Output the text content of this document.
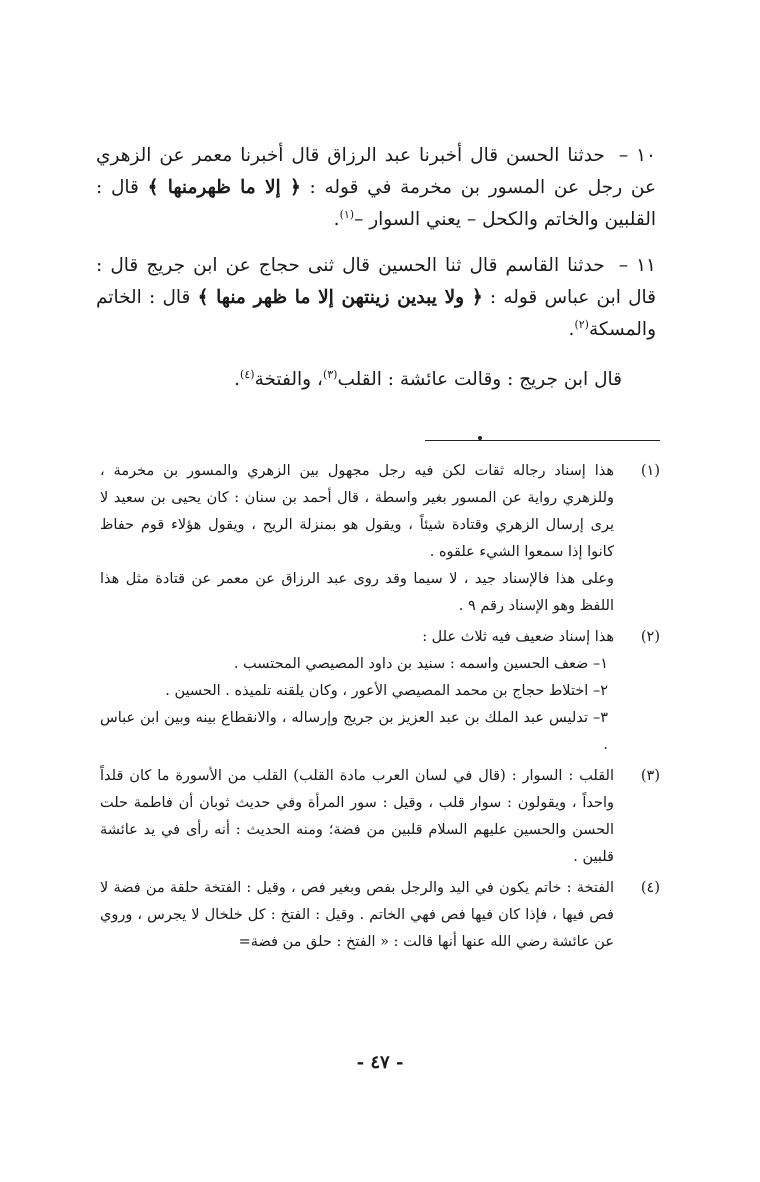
١٠ – حدثنا الحسن قال أخبرنا عبد الرزاق قال أخبرنا معمر عن الزهري عن رجل عن المسور بن مخرمة في قوله : ﴿ إلا ما ظهرمنها ﴾ قال : القلبين والخاتم والكحل – يعني السوار –$^{(١)}$.

١١ – حدثنا القاسم قال ثنا الحسين قال ثنى حجاج عن ابن جريج قال : قال ابن عباس قوله : ﴿ ولا يبدين زينتهن إلا ما ظهر منها ﴾ قال : الخاتم والمسكة$^{(٢)}$.

قال ابن جريج : وقالت عائشة : القلب$^{(٣)}$، والفتخة$^{(٤)}$.

(١)

هذا إسناد رجاله ثقات لكن فيه رجل مجهول بين الزهري والمسور بن مخرمة ، وللزهري رواية عن المسور بغير واسطة ، قال أحمد بن سنان : كان يحيى بن سعيد لا يرى إرسال الزهري وقتادة شيئاً ، ويقول هو بمنزلة الريح ، ويقول هؤلاء قوم حفاظ كانوا إذا سمعوا الشيء علقوه .

وعلى هذا فالإسناد جيد ، لا سيما وقد روى عبد الرزاق عن معمر عن قتادة مثل هذا اللفظ وهو الإسناد رقم ٩ .

(٢)

هذا إسناد ضعيف فيه ثلاث علل :

١– ضعف الحسين واسمه : سنيد بن داود المصيصي المحتسب .

٢– اختلاط حجاج بن محمد المصيصي الأعور ، وكان يلقنه تلميذه . الحسين .

٣– تدليس عبد الملك بن عبد العزيز بن جريج وإرساله ، والانقطاع بينه وبين ابن عباس .

(٣)

القلب : السوار : (قال في لسان العرب مادة القلب) القلب من الأسورة ما كان قلداً واحداً ، ويقولون : سوار قلب ، وقيل : سور المرأة وفي حديث ثوبان أن فاطمة حلت الحسن والحسين عليهم السلام قلبين من فضة؛ ومنه الحديث : أنه رأى في يد عائشة قلبين .

(٤)

الفتخة : خاتم يكون في اليد والرجل بفص وبغير فص ، وقيل : الفتخة حلقة من فضة لا فص فيها ، فإذا كان فيها فص فهي الخاتم . وقيل : الفتخ : كل خلخال لا يجرس ، وروي عن عائشة رضي الله عنها أنها قالت : « الفتخ : حلق من فضة=

- ٤٧ -
